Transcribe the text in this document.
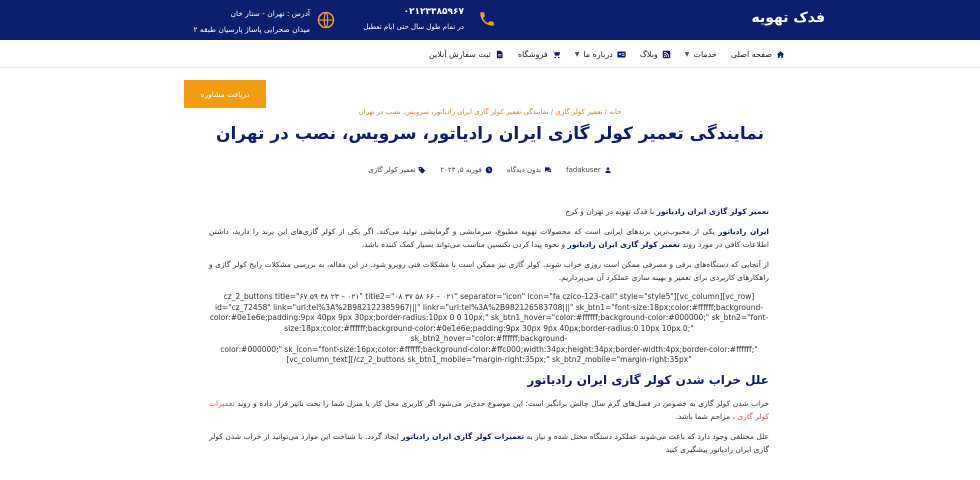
فدک تهویه
۰۲۱۲۳۳۸۵۹۶۷
در تمام طول سال حتی ایام تعطیل
آدرس : تهران - ستار خان
میدان صحرایی پاساژ پارسیان طبقه ۲
صفحه اصلی
خدمات
▼
وبلاگ
درباره ما
▼
فروشگاه
ثبت سفارش آنلاین
دریافت مشاوره
خانه / تعمیر کولر گازی / نمایندگی تعمیر کولر گازی ایران رادیاتور، سرویس، نصب در تهران
نمایندگی تعمیر کولر گازی ایران رادیاتور، سرویس، نصب در تهران
fadakuser
بدون دیدگاه
فوریه ۵, ۲۰۲۳
تعمیر کولر گازی

تعمیر کولر گازی ایران رادیاتور با فدک تهویه در تهران و کرج

ایران رادیاتور یکی از محبوب‌ترین برندهای ایرانی است که محصولات تهویه مطبوع، سرمایشی و گرمایشی تولید می‌کند. اگر یکی از کولر گازی‌های این برند را دارید، داشتن اطلاعات کافی در مورد روند تعمیر کولر گازی ایران رادیاتور و نحوه پیدا کردن تکنسین مناسب می‌تواند بسیار کمک کننده باشد.

از آنجایی که دستگاه‌های برقی و مصرفی ممکن است روزی خراب شوند، کولر گازی نیز ممکن است با مشکلات فنی روبرو شود. در این مقاله، به بررسی مشکلات رایج کولر گازی و راهکارهای کاربردی برای تعمیر و بهینه سازی عملکرد آن می‌پردازیم.

cz_2_buttons title="۶۷ ۵۹ ۳۸ ۲۳ – ۰۲۱" title2="۰۸ ۳۷ ۵۸ ۶۶ – ۰۲۱" separator="icon" icon="fa czico-123-call" style="style5"][vc_column][vc_row]
id="cz_72458" link="url:tel%3A%2B982122385967|||" linkr="url:tel%3A%2B982126583708|||" sk_btn1="font-size:18px;color:#ffffff;background-
color:#0e1e6e;padding:9px 40px 9px 30px;border-radius:10px 0 0 10px;" sk_btn1_hover="color:#ffffff;background-color:#000000;" sk_btn2="font-
size:18px;color:#ffffff;background-color:#0e1e6e;padding:9px 30px 9px 40px;border-radius:0 10px 10px 0;" sk_btn2_hover="color:#ffffff;background-
color:#000000;" sk_icon="font-size:16px;color:#ffffff;background-color:#ffc000;width:34px;height:34px;border-width:4px;border-color:#ffffff;"
[vc_column_text][/cz_2_buttons sk_btn1_mobile="margin-right:35px;" sk_btn2_mobile="margin-right:35px"
علل خراب شدن کولر گازی ایران رادیاتور

خراب شدن کولر گازی به خصوص در فصل‌های گرم سال چالش برانگیز است؛ این موضوع جدی‌تر می‌شود اگر کاربری محل کار یا منزل شما را تحت تاثیر قرار داده و روند تعمیرات کولر گازی ، مزاحم شما باشد.

علل مختلفی وجود دارد که باعث می‌شوند عملکرد دستگاه مختل شده و نیاز به تعمیرات کولر گازی ایران رادیاتور ایجاد گردد. با شناخت این موارد می‌توانید از خراب شدن کولر گازی ایران رادیاتور پیشگیری کنید
